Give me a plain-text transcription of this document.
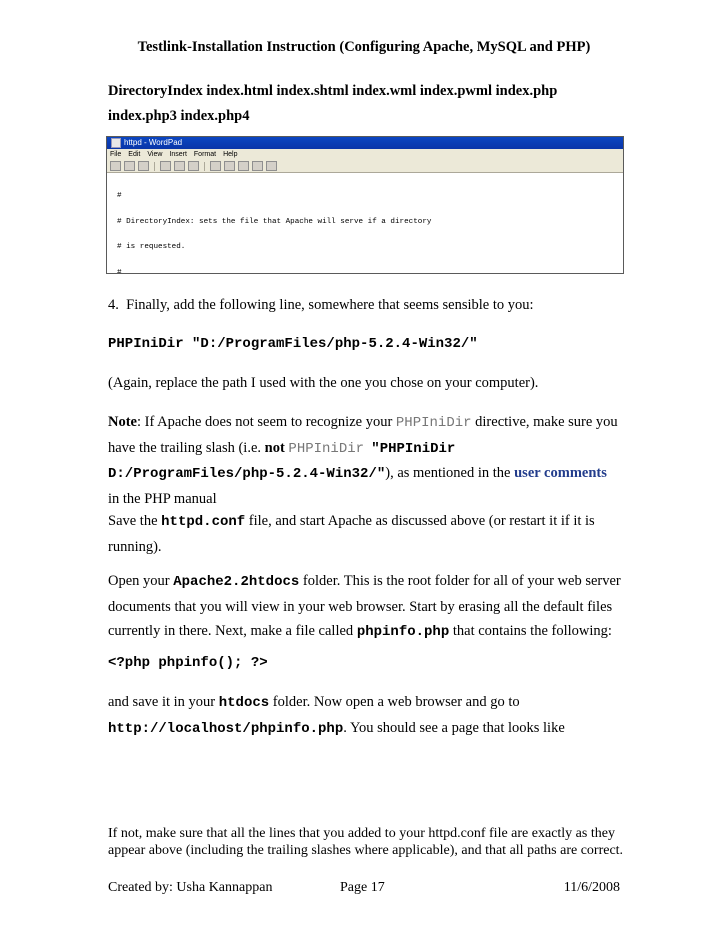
Testlink-Installation Instruction (Configuring Apache, MySQL and PHP)
DirectoryIndex index.html index.shtml index.wml index.pwml index.php
index.php3 index.php4
httpd - WordPad
File Edit View Insert Format Help

#

# DirectoryIndex: sets the file that Apache will serve if a directory

# is requested.

#

4. Finally, add the following line, somewhere that seems sensible to you:
PHPIniDir "D:/ProgramFiles/php-5.2.4-Win32/"
(Again, replace the path I used with the one you chose on your computer).
Note: If Apache does not seem to recognize your PHPIniDir directive, make sure you
have the trailing slash (i.e. not PHPIniDir "PHPIniDir
D:/ProgramFiles/php-5.2.4-Win32/"), as mentioned in the user comments
in the PHP manual
Save the httpd.conf file, and start Apache as discussed above (or restart it if it is
running).
Open your Apache2.2htdocs folder. This is the root folder for all of your web server
documents that you will view in your web browser. Start by erasing all the default files
currently in there. Next, make a file called phpinfo.php that contains the following:
<?php phpinfo(); ?>
and save it in your htdocs folder. Now open a web browser and go to
http://localhost/phpinfo.php. You should see a page that looks like
If not, make sure that all the lines that you added to your httpd.conf file are exactly as they appear above (including the trailing slashes where applicable), and that all paths are correct.
Created by: Usha Kannappan	Page 17	11/6/2008
